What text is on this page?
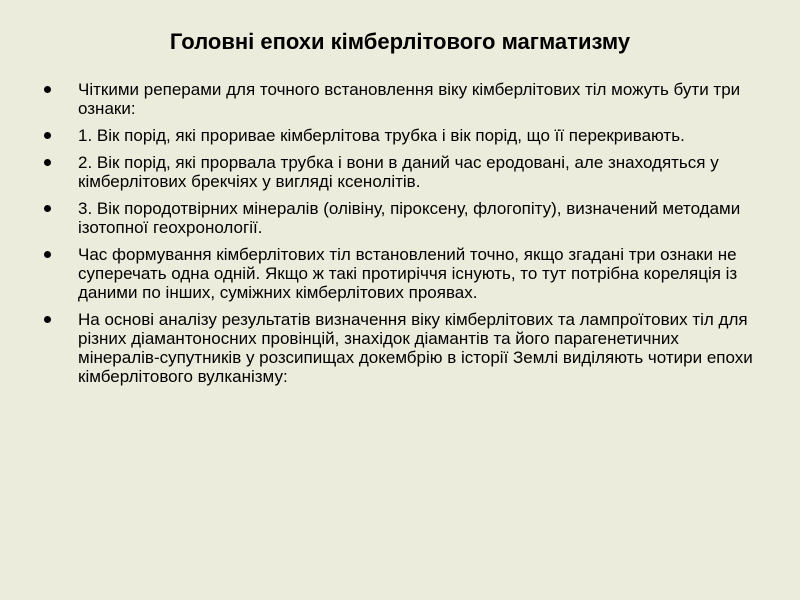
Головні епохи кімберлітового магматизму
Чіткими реперами для точного встановлення віку кімберлітових тіл можуть бути три ознаки:
1. Вік порід, які проривае кімберлітова трубка і вік порід, що її перекривають.
2. Вік порід, які прорвала трубка і вони в даний час еродовані, але знаходяться у кімберлітових брекчіях у вигляді ксенолітів.
3. Вік породотвірних мінералів (олівіну, піроксену, флогопіту), визначений методами ізотопної геохронології.
Час формування кімберлітових тіл встановлений точно, якщо згадані три ознаки не суперечать одна одній. Якщо ж такі протиріччя існують, то тут потрібна кореляція із даними по інших, суміжних кімберлітових проявах.
На основі аналізу результатів визначення віку кімберлітових та лампроїтових тіл для різних діамантоносних провінцій, знахідок діамантів та його парагенетичних мінералів-супутників у розсипищах докембрію в історії Землі виділяють чотири епохи кімберлітового вулканізму:
